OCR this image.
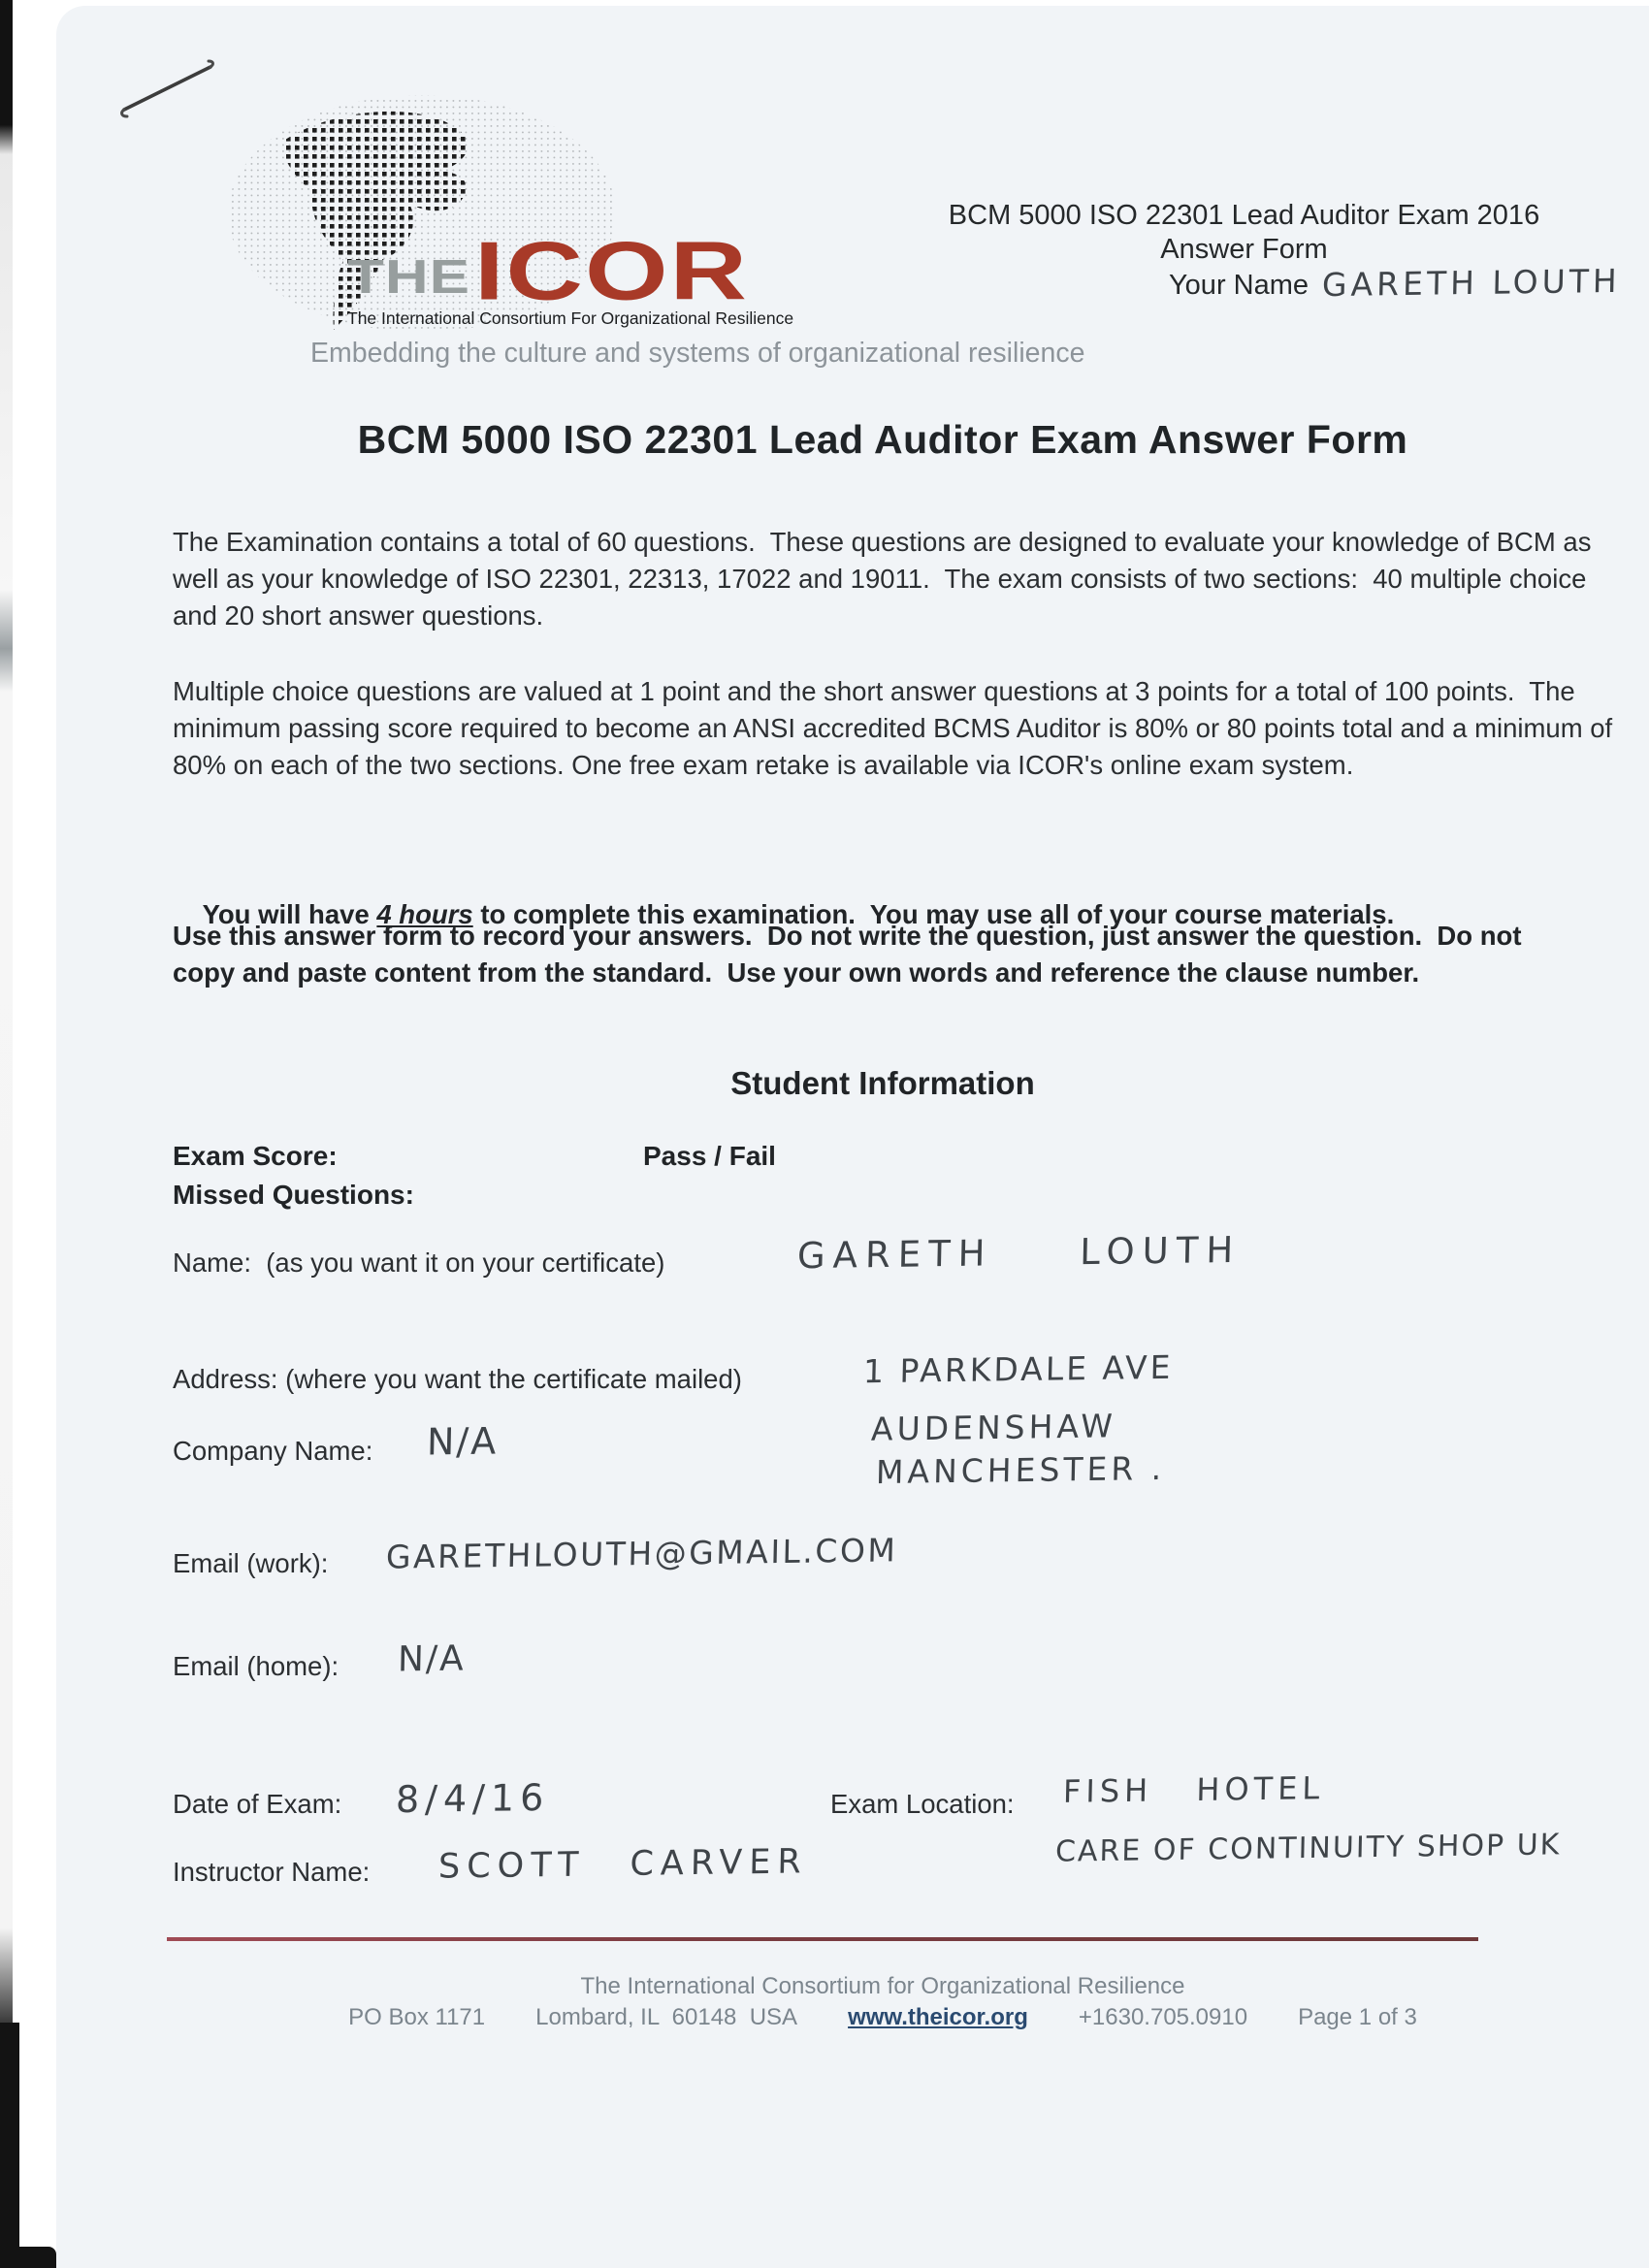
THE ICOR
The International Consortium For Organizational Resilience
Embedding the culture and systems of organizational resilience
BCM 5000 ISO 22301 Lead Auditor Exam 2016
Answer Form
Your Name GARETH LOUTH
BCM 5000 ISO 22301 Lead Auditor Exam Answer Form
The Examination contains a total of 60 questions.  These questions are designed to evaluate your knowledge of BCM as well as your knowledge of ISO 22301, 22313, 17022 and 19011.  The exam consists of two sections:  40 multiple choice and 20 short answer questions.
Multiple choice questions are valued at 1 point and the short answer questions at 3 points for a total of 100 points.  The minimum passing score required to become an ANSI accredited BCMS Auditor is 80% or 80 points total and a minimum of 80% on each of the two sections. One free exam retake is available via ICOR's online exam system.

You will have 4 hours to complete this examination.  You may use all of your course materials.

Use this answer form to record your answers.  Do not write the question, just answer the question.  Do not copy and paste content from the standard.  Use your own words and reference the clause number.
Student Information
Exam Score:	Pass / Fail
Missed Questions:
Name:  (as you want it on your certificate)	GARETH LOUTH
Address: (where you want the certificate mailed)	1 PARKDALE AVE
AUDENSHAW
MANCHESTER .
Company Name: N/A
Email (work): GARETHLOUTH@GMAIL.COM
Email (home): N/A
Date of Exam: 8/4/16	Exam Location: FISH HOTEL
CARE OF CONTINUITY SHOP UK
Instructor Name: SCOTT CARVER
The International Consortium for Organizational Resilience
PO Box 1171 Lombard, IL  60148  USA www.theicor.org +1630.705.0910 Page 1 of 3
